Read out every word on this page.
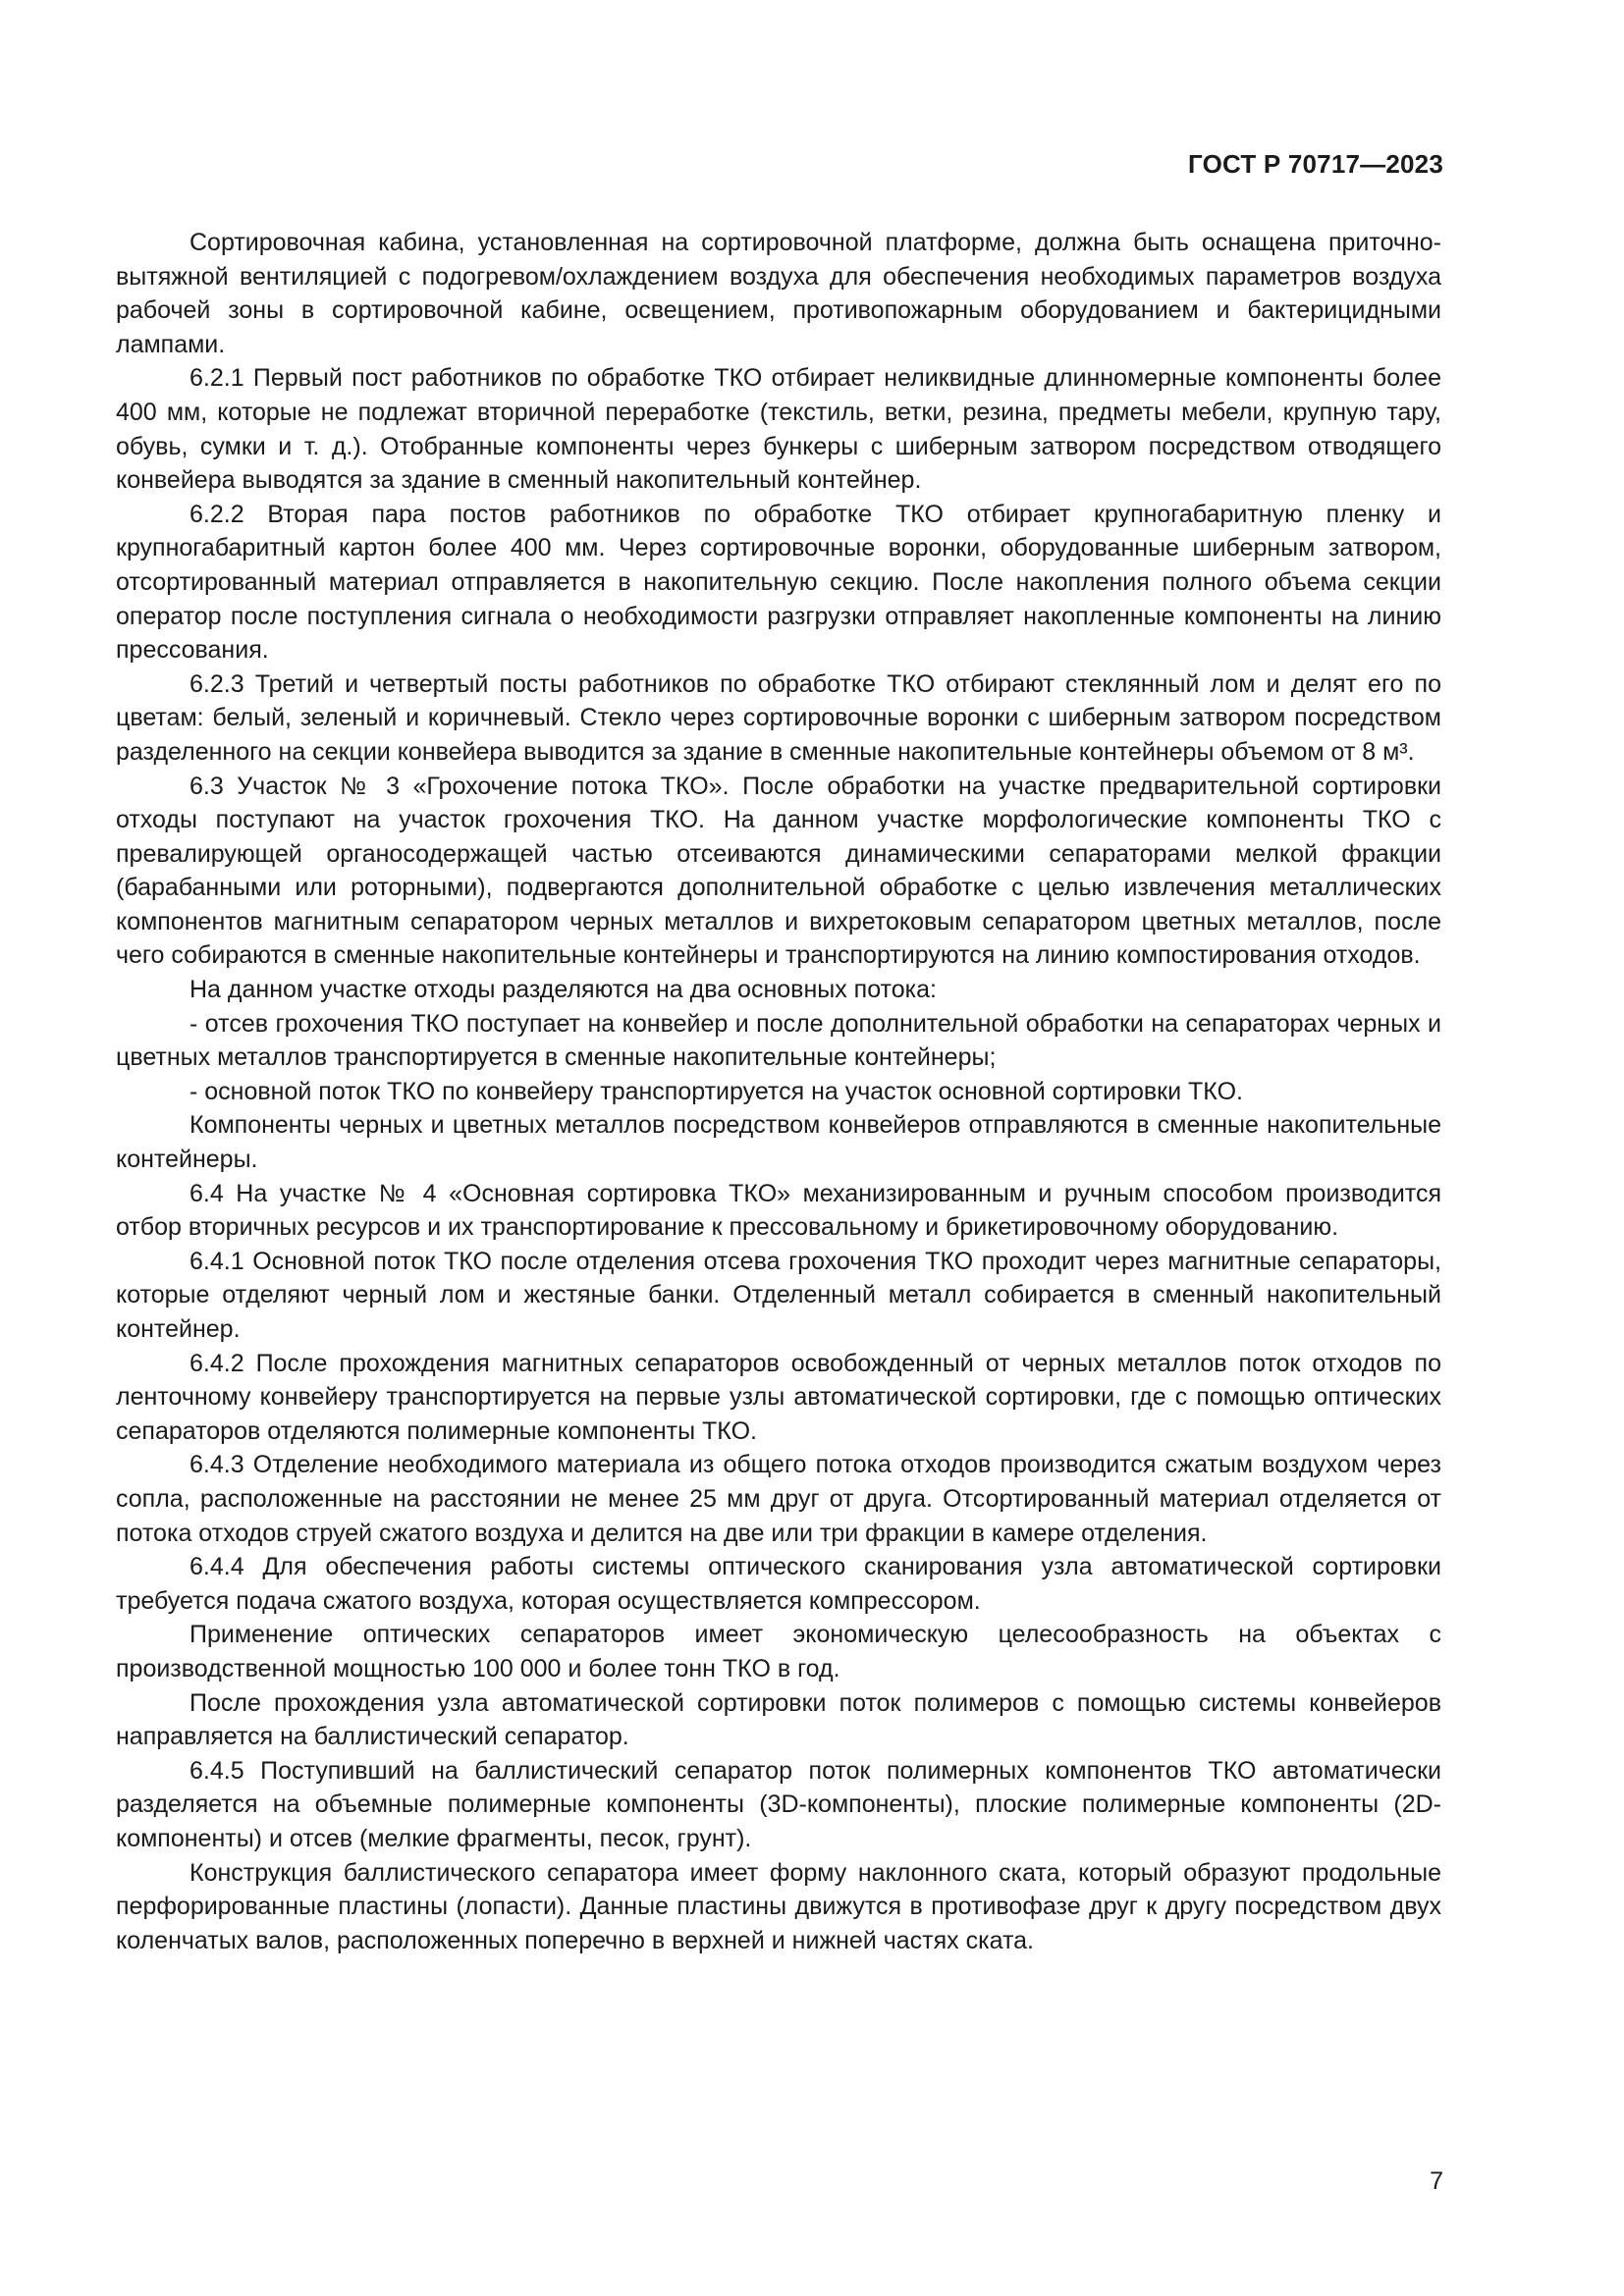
ГОСТ Р 70717—2023

Сортировочная кабина, установленная на сортировочной платформе, должна быть оснащена приточно-вытяжной вентиляцией с подогревом/охлаждением воздуха для обеспечения необходимых параметров воздуха рабочей зоны в сортировочной кабине, освещением, противопожарным оборудованием и бактерицидными лампами.

6.2.1 Первый пост работников по обработке ТКО отбирает неликвидные длинномерные компоненты более 400 мм, которые не подлежат вторичной переработке (текстиль, ветки, резина, предметы мебели, крупную тару, обувь, сумки и т. д.). Отобранные компоненты через бункеры с шиберным затвором посредством отводящего конвейера выводятся за здание в сменный накопительный контейнер.

6.2.2 Вторая пара постов работников по обработке ТКО отбирает крупногабаритную пленку и крупногабаритный картон более 400 мм. Через сортировочные воронки, оборудованные шиберным затвором, отсортированный материал отправляется в накопительную секцию. После накопления полного объема секции оператор после поступления сигнала о необходимости разгрузки отправляет накопленные компоненты на линию прессования.

6.2.3 Третий и четвертый посты работников по обработке ТКО отбирают стеклянный лом и делят его по цветам: белый, зеленый и коричневый. Стекло через сортировочные воронки с шиберным затвором посредством разделенного на секции конвейера выводится за здание в сменные накопительные контейнеры объемом от 8 м³.

6.3 Участок № 3 «Грохочение потока ТКО». После обработки на участке предварительной сортировки отходы поступают на участок грохочения ТКО. На данном участке морфологические компоненты ТКО с превалирующей органосодержащей частью отсеиваются динамическими сепараторами мелкой фракции (барабанными или роторными), подвергаются дополнительной обработке с целью извлечения металлических компонентов магнитным сепаратором черных металлов и вихретоковым сепаратором цветных металлов, после чего собираются в сменные накопительные контейнеры и транспортируются на линию компостирования отходов.

На данном участке отходы разделяются на два основных потока:

- отсев грохочения ТКО поступает на конвейер и после дополнительной обработки на сепараторах черных и цветных металлов транспортируется в сменные накопительные контейнеры;

- основной поток ТКО по конвейеру транспортируется на участок основной сортировки ТКО.

Компоненты черных и цветных металлов посредством конвейеров отправляются в сменные накопительные контейнеры.

6.4 На участке № 4 «Основная сортировка ТКО» механизированным и ручным способом производится отбор вторичных ресурсов и их транспортирование к прессовальному и брикетировочному оборудованию.

6.4.1 Основной поток ТКО после отделения отсева грохочения ТКО проходит через магнитные сепараторы, которые отделяют черный лом и жестяные банки. Отделенный металл собирается в сменный накопительный контейнер.

6.4.2 После прохождения магнитных сепараторов освобожденный от черных металлов поток отходов по ленточному конвейеру транспортируется на первые узлы автоматической сортировки, где с помощью оптических сепараторов отделяются полимерные компоненты ТКО.

6.4.3 Отделение необходимого материала из общего потока отходов производится сжатым воздухом через сопла, расположенные на расстоянии не менее 25 мм друг от друга. Отсортированный материал отделяется от потока отходов струей сжатого воздуха и делится на две или три фракции в камере отделения.

6.4.4 Для обеспечения работы системы оптического сканирования узла автоматической сортировки требуется подача сжатого воздуха, которая осуществляется компрессором.

Применение оптических сепараторов имеет экономическую целесообразность на объектах с производственной мощностью 100 000 и более тонн ТКО в год.

После прохождения узла автоматической сортировки поток полимеров с помощью системы конвейеров направляется на баллистический сепаратор.

6.4.5 Поступивший на баллистический сепаратор поток полимерных компонентов ТКО автоматически разделяется на объемные полимерные компоненты (3D-компоненты), плоские полимерные компоненты (2D-компоненты) и отсев (мелкие фрагменты, песок, грунт).

Конструкция баллистического сепаратора имеет форму наклонного ската, который образуют продольные перфорированные пластины (лопасти). Данные пластины движутся в противофазе друг к другу посредством двух коленчатых валов, расположенных поперечно в верхней и нижней частях ската.

7
